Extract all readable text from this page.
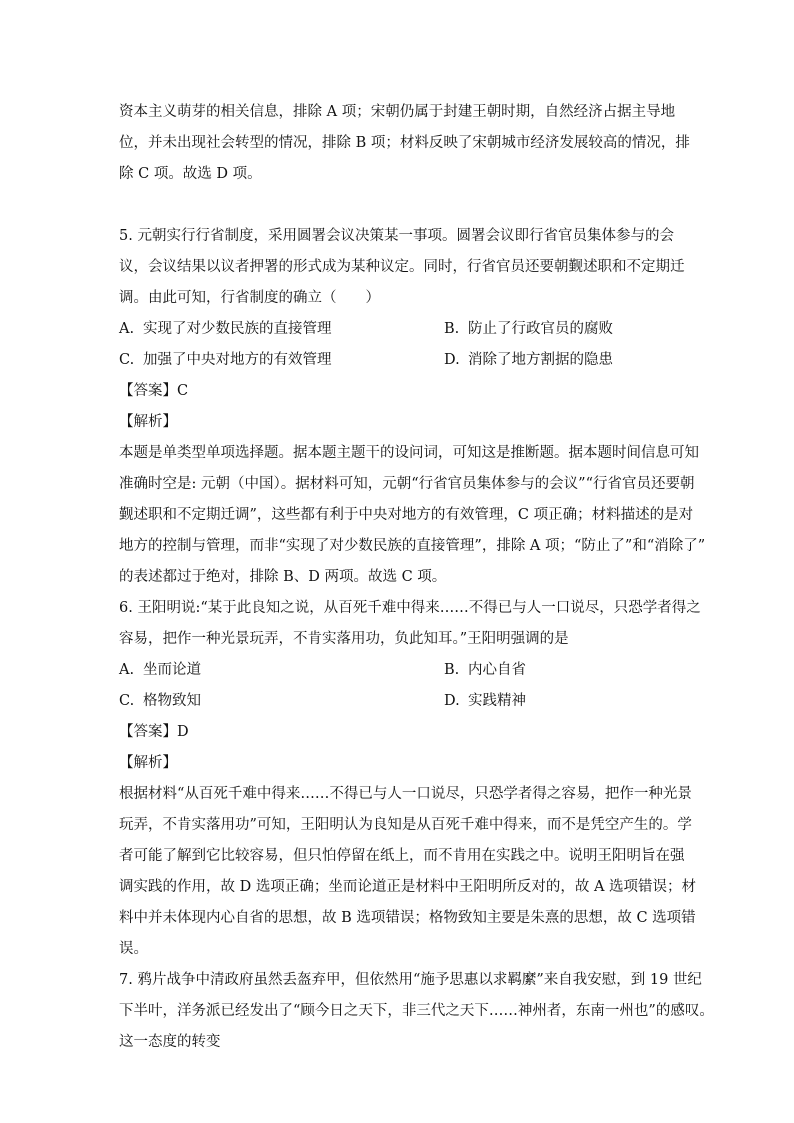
资本主义萌芽的相关信息，排除 A 项；宋朝仍属于封建王朝时期，自然经济占据主导地
位，并未出现社会转型的情况，排除 B 项；材料反映了宋朝城市经济发展较高的情况，排
除 C 项。故选 D 项。
5. 元朝实行行省制度，采用圆署会议决策某一事项。圆署会议即行省官员集体参与的会
议，会议结果以议者押署的形式成为某种议定。同时，行省官员还要朝觐述职和不定期迁
调。由此可知，行省制度的确立（　　）
A. 实现了对少数民族的直接管理	B. 防止了行政官员的腐败
C. 加强了中央对地方的有效管理	D. 消除了地方割据的隐患
【答案】C
【解析】
本题是单类型单项选择题。据本题主题干的设问词，可知这是推断题。据本题时间信息可知
准确时空是: 元朝（中国）。据材料可知，元朝“行省官员集体参与的会议”“行省官员还要朝
觐述职和不定期迁调”，这些都有利于中央对地方的有效管理，C 项正确；材料描述的是对
地方的控制与管理，而非“实现了对少数民族的直接管理”，排除 A 项；“防止了”和“消除了”
的表述都过于绝对，排除 B、D 两项。故选 C 项。
6. 王阳明说:“某于此良知之说，从百死千难中得来……不得已与人一口说尽，只恐学者得之
容易，把作一种光景玩弄，不肯实落用功，负此知耳。”王阳明强调的是
A. 坐而论道	B. 内心自省
C. 格物致知	D. 实践精神
【答案】D
【解析】
根据材料“从百死千难中得来……不得已与人一口说尽，只恐学者得之容易，把作一种光景
玩弄，不肯实落用功”可知，王阳明认为良知是从百死千难中得来，而不是凭空产生的。学
者可能了解到它比较容易，但只怕停留在纸上，而不肯用在实践之中。说明王阳明旨在强
调实践的作用，故 D 选项正确；坐而论道正是材料中王阳明所反对的，故 A 选项错误；材
料中并未体现内心自省的思想，故 B 选项错误；格物致知主要是朱熹的思想，故 C 选项错
误。
7. 鸦片战争中清政府虽然丢盔弃甲，但依然用“施予思惠以求羁縻”来自我安慰，到 19 世纪
下半叶，洋务派已经发出了“顾今日之天下，非三代之天下……神州者，东南一州也”的感叹。
这一态度的转变
